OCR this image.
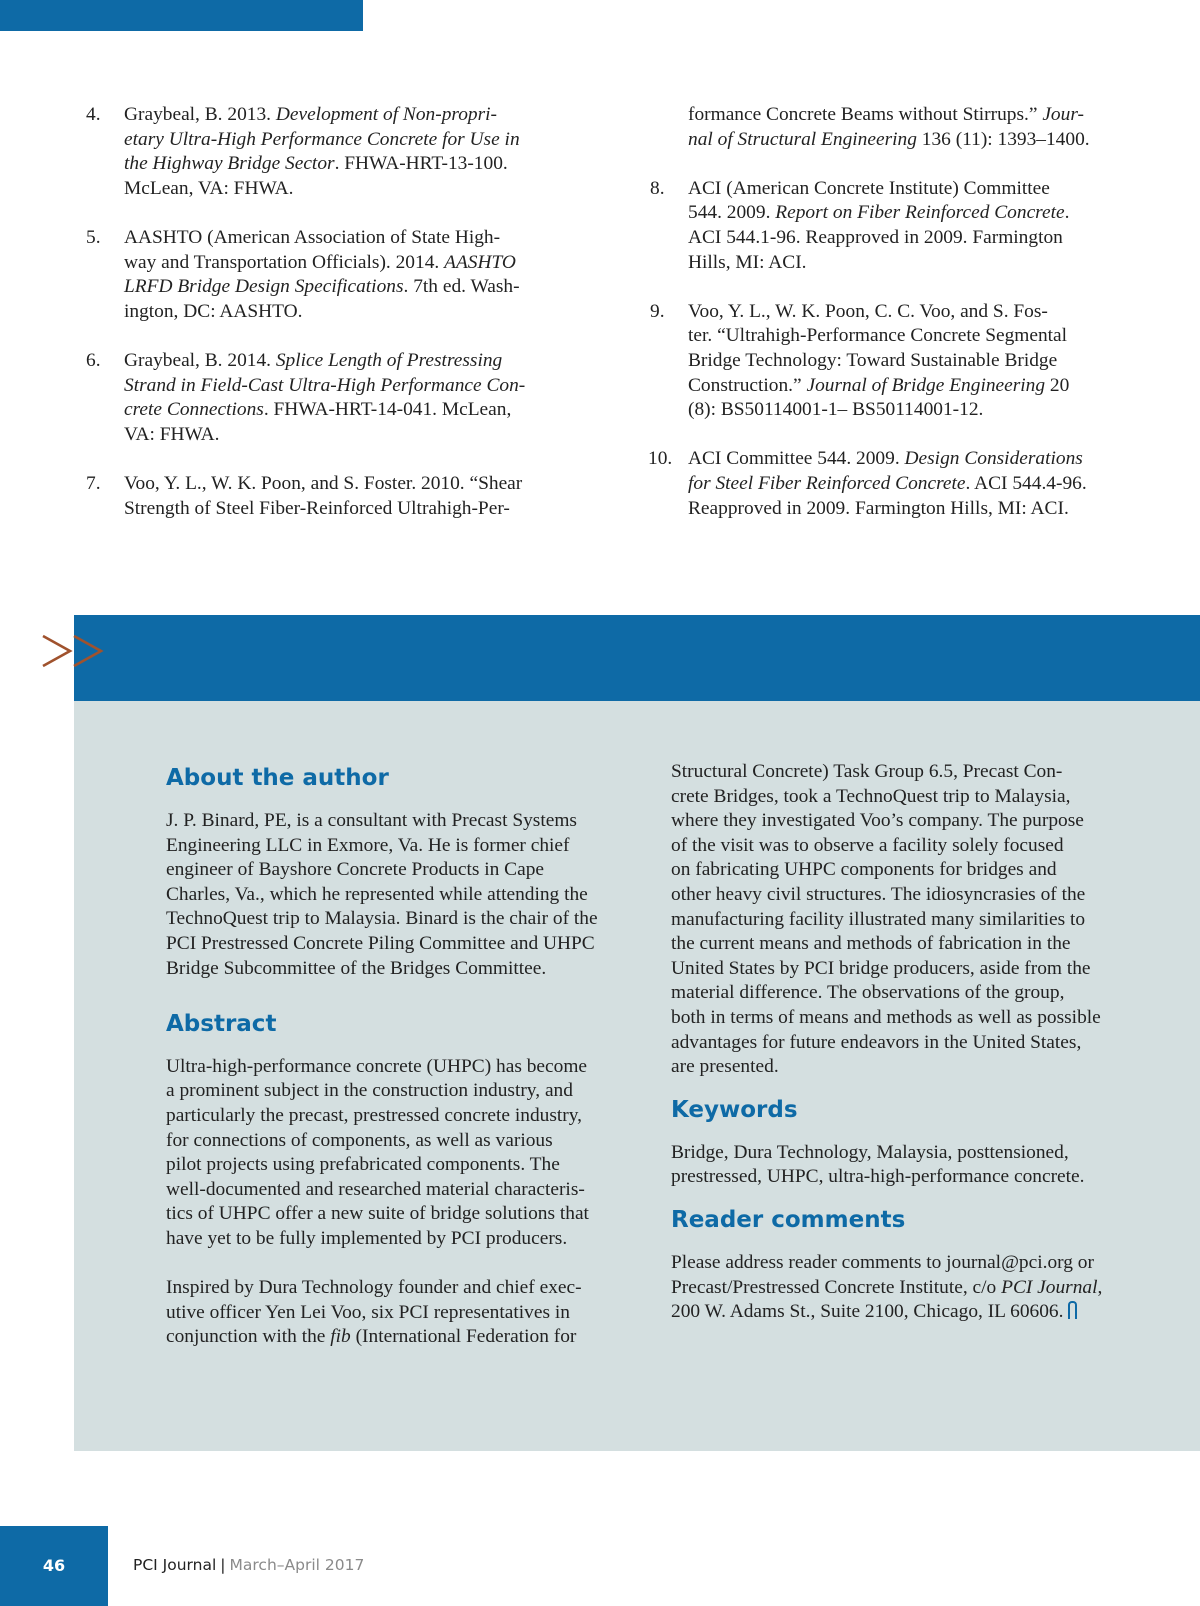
4. Graybeal, B. 2013. Development of Non-propri-
etary Ultra-High Performance Concrete for Use in
the Highway Bridge Sector. FHWA-HRT-13-100.
McLean, VA: FHWA.
5. AASHTO (American Association of State High-
way and Transportation Officials). 2014. AASHTO
LRFD Bridge Design Specifications. 7th ed. Wash-
ington, DC: AASHTO.
6. Graybeal, B. 2014. Splice Length of Prestressing
Strand in Field-Cast Ultra-High Performance Con-
crete Connections. FHWA-HRT-14-041. McLean,
VA: FHWA.
7. Voo, Y. L., W. K. Poon, and S. Foster. 2010. “Shear
Strength of Steel Fiber-Reinforced Ultrahigh-Per-
formance Concrete Beams without Stirrups.” Jour-
nal of Structural Engineering 136 (11): 1393–1400.
8. ACI (American Concrete Institute) Committee
544. 2009. Report on Fiber Reinforced Concrete.
ACI 544.1-96. Reapproved in 2009. Farmington
Hills, MI: ACI.
9. Voo, Y. L., W. K. Poon, C. C. Voo, and S. Fos-
ter. “Ultrahigh-Performance Concrete Segmental
Bridge Technology: Toward Sustainable Bridge
Construction.” Journal of Bridge Engineering 20
(8): BS50114001-1– BS50114001-12.
10. ACI Committee 544. 2009. Design Considerations
for Steel Fiber Reinforced Concrete. ACI 544.4-96.
Reapproved in 2009. Farmington Hills, MI: ACI.
About the author

J. P. Binard, PE, is a consultant with Precast Systems
Engineering LLC in Exmore, Va. He is former chief
engineer of Bayshore Concrete Products in Cape
Charles, Va., which he represented while attending the
TechnoQuest trip to Malaysia. Binard is the chair of the
PCI Prestressed Concrete Piling Committee and UHPC
Bridge Subcommittee of the Bridges Committee.

Abstract

Ultra-high-performance concrete (UHPC) has become
a prominent subject in the construction industry, and
particularly the precast, prestressed concrete industry,
for connections of components, as well as various
pilot projects using prefabricated components. The
well-documented and researched material characteris-
tics of UHPC offer a new suite of bridge solutions that
have yet to be fully implemented by PCI producers.

Inspired by Dura Technology founder and chief exec-
utive officer Yen Lei Voo, six PCI representatives in
conjunction with the fib (International Federation for

Structural Concrete) Task Group 6.5, Precast Con-
crete Bridges, took a TechnoQuest trip to Malaysia,
where they investigated Voo’s company. The purpose
of the visit was to observe a facility solely focused
on fabricating UHPC components for bridges and
other heavy civil structures. The idiosyncrasies of the
manufacturing facility illustrated many similarities to
the current means and methods of fabrication in the
United States by PCI bridge producers, aside from the
material difference. The observations of the group,
both in terms of means and methods as well as possible
advantages for future endeavors in the United States,
are presented.

Keywords

Bridge, Dura Technology, Malaysia, posttensioned,
prestressed, UHPC, ultra-high-performance concrete.

Reader comments

Please address reader comments to journal@pci.org or
Precast/Prestressed Concrete Institute, c/o PCI Journal,
200 W. Adams St., Suite 2100, Chicago, IL 60606.

46	PCI Journal | March–April 2017
